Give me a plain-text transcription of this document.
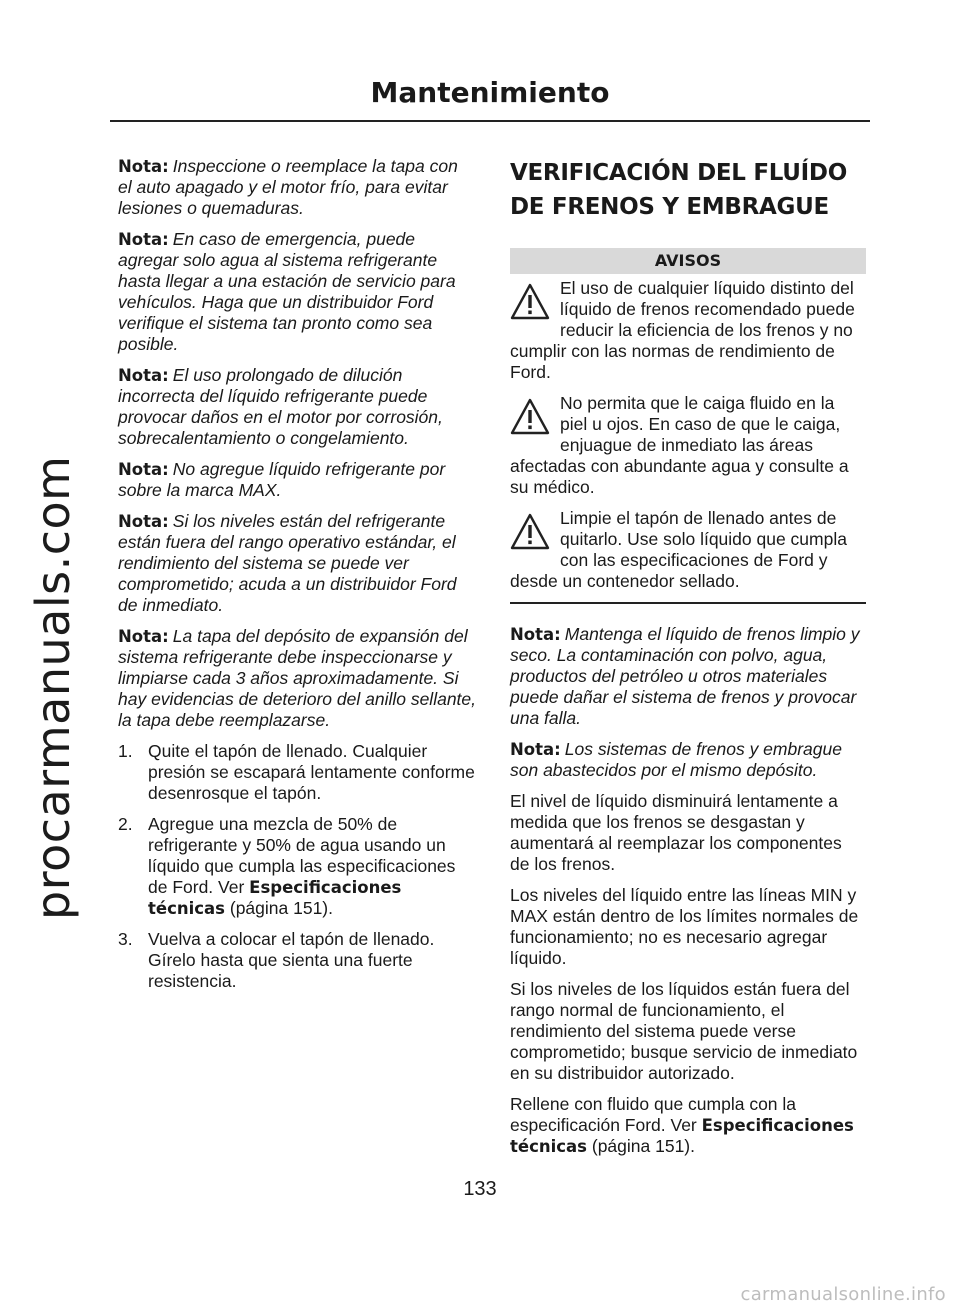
procarmanuals.com
Mantenimiento

Nota: Inspeccione o reemplace la tapa con el auto apagado y el motor frío, para evitar lesiones o quemaduras.

Nota: En caso de emergencia, puede agregar solo agua al sistema refrigerante hasta llegar a una estación de servicio para vehículos. Haga que un distribuidor Ford verifique el sistema tan pronto como sea posible.

Nota: El uso prolongado de dilución incorrecta del líquido refrigerante puede provocar daños en el motor por corrosión, sobrecalentamiento o congelamiento.

Nota: No agregue líquido refrigerante por sobre la marca MAX.

Nota: Si los niveles están del refrigerante están fuera del rango operativo estándar, el rendimiento del sistema se puede ver comprometido; acuda a un distribuidor Ford de inmediato.

Nota: La tapa del depósito de expansión del sistema refrigerante debe inspeccionarse y limpiarse cada 3 años aproximadamente. Si hay evidencias de deterioro del anillo sellante, la tapa debe reemplazarse.

1. Quite el tapón de llenado. Cualquier presión se escapará lentamente conforme desenrosque el tapón.
2. Agregue una mezcla de 50% de refrigerante y 50% de agua usando un líquido que cumpla las especificaciones de Ford. Ver Especificaciones técnicas (página 151).
3. Vuelva a colocar el tapón de llenado. Gírelo hasta que sienta una fuerte resistencia.
VERIFICACIÓN DEL FLUÍDO DE FRENOS Y EMBRAGUE
AVISOS
El uso de cualquier líquido distinto del líquido de frenos recomendado puede reducir la eficiencia de los frenos y no cumplir con las normas de rendimiento de Ford.
No permita que le caiga fluido en la piel u ojos. En caso de que le caiga, enjuague de inmediato las áreas afectadas con abundante agua y consulte a su médico.
Limpie el tapón de llenado antes de quitarlo. Use solo líquido que cumpla con las especificaciones de Ford y desde un contenedor sellado.

Nota: Mantenga el líquido de frenos limpio y seco. La contaminación con polvo, agua, productos del petróleo u otros materiales puede dañar el sistema de frenos y provocar una falla.

Nota: Los sistemas de frenos y embrague son abastecidos por el mismo depósito.

El nivel de líquido disminuirá lentamente a medida que los frenos se desgastan y aumentará al reemplazar los componentes de los frenos.

Los niveles del líquido entre las líneas MIN y MAX están dentro de los límites normales de funcionamiento; no es necesario agregar líquido.

Si los niveles de los líquidos están fuera del rango normal de funcionamiento, el rendimiento del sistema puede verse comprometido; busque servicio de inmediato en su distribuidor autorizado.

Rellene con fluido que cumpla con la especificación Ford. Ver Especificaciones técnicas (página 151).

133
carmanualsonline.info
